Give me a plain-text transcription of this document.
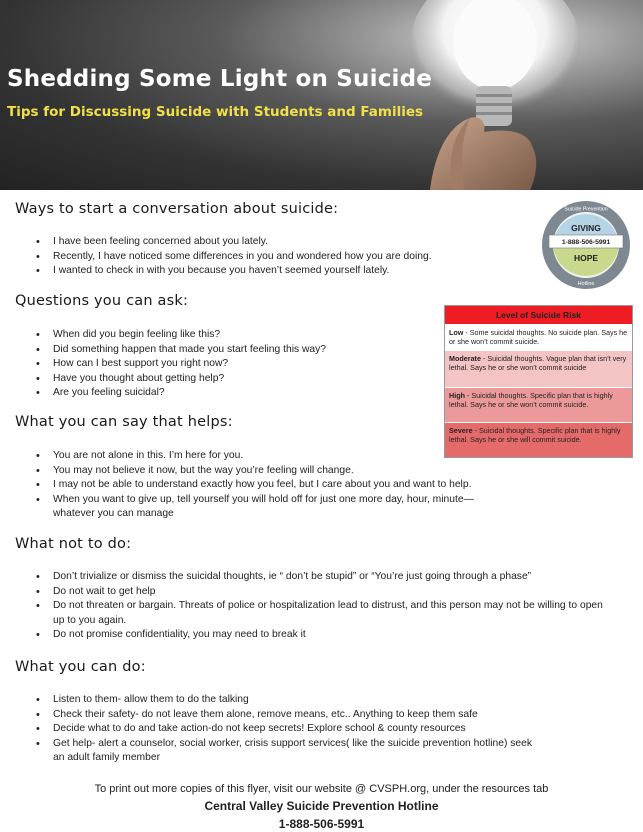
Shedding Some Light on Suicide
Tips for Discussing Suicide with Students and Families
Suicide Prevention
GIVING
1-888-506-5991
HOPE
Hotline
Ways to start a conversation about suicide:
• I have been feeling concerned about you lately.
• Recently, I have noticed some differences in you and wondered how you are doing.
• I wanted to check in with you because you haven’t seemed yourself lately.
Questions you can ask:
• When did you begin feeling like this?
• Did something happen that made you start feeling this way?
• How can I best support you right now?
• Have you thought about getting help?
• Are you feeling suicidal?
Level of Suicide Risk
Low - Some suicidal thoughts. No suicide plan. Says he or she won’t commit suicide.
Moderate - Suicidal thoughts. Vague plan that isn’t very lethal. Says he or she won’t commit suicide
High - Suicidal thoughts. Specific plan that is highly lethal. Says he or she won’t commit suicide.
Severe - Suicidal thoughts. Specific plan that is highly lethal. Says he or she will commit suicide.
What you can say that helps:
• You are not alone in this. I’m here for you.
• You may not believe it now, but the way you’re feeling will change.
• I may not be able to understand exactly how you feel, but I care about you and want to help.
• When you want to give up, tell yourself you will hold off for just one more day, hour, minute—whatever you can manage
What not to do:
• Don’t trivialize or dismiss the suicidal thoughts, ie “ don’t be stupid” or “You’re just going through a phase”
• Do not wait to get help
• Do not threaten or bargain. Threats of police or hospitalization lead to distrust, and this person may not be willing to open up to you again.
• Do not promise confidentiality, you may need to break it
What you can do:
• Listen to them- allow them to do the talking
• Check their safety- do not leave them alone, remove means, etc.. Anything to keep them safe
• Decide what to do and take action-do not keep secrets! Explore school & county resources
• Get help- alert a counselor, social worker, crisis support services( like the suicide prevention hotline) seek an adult family member
To print out more copies of this flyer, visit our website @ CVSPH.org, under the resources tab
Central Valley Suicide Prevention Hotline
1-888-506-5991
